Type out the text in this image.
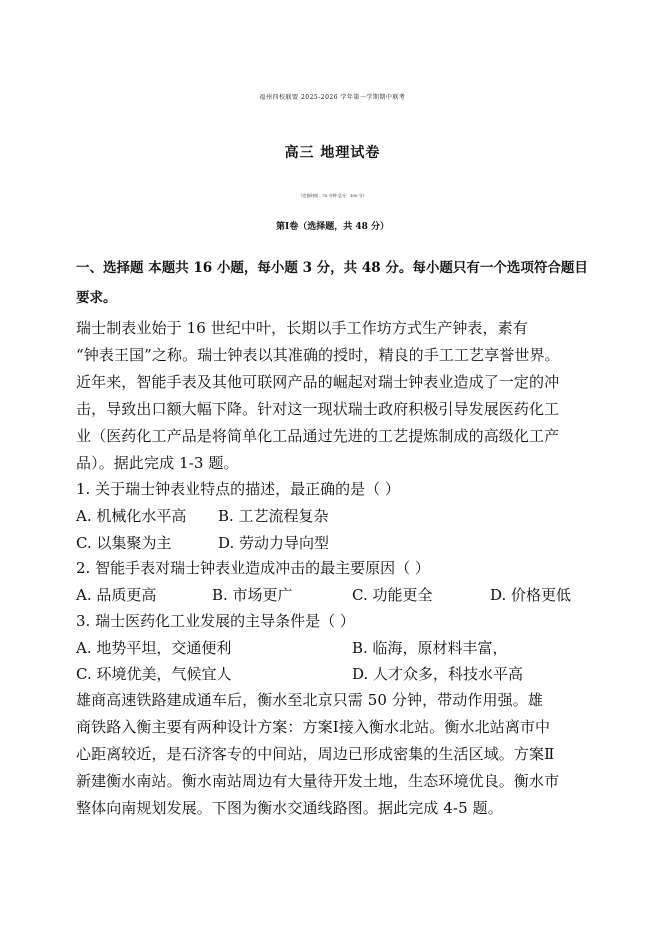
福州四校联盟 2025-2026 学年第一学期期中联考
高三 地理试卷
（完卷时间：75 分钟 总分：100 分）
第Ⅰ卷（选择题，共 48 分）
一、选择题 本题共 16 小题，每小题 3 分，共 48 分。每小题只有一个选项符合题目
要求。
瑞士制表业始于 16 世纪中叶，长期以手工作坊方式生产钟表，素有
“钟表王国”之称。瑞士钟表以其准确的授时，精良的手工工艺享誉世界。
近年来，智能手表及其他可联网产品的崛起对瑞士钟表业造成了一定的冲
击，导致出口额大幅下降。针对这一现状瑞士政府积极引导发展医药化工
业（医药化工产品是将简单化工品通过先进的工艺提炼制成的高级化工产
品）。据此完成 1-3 题。
1. 关于瑞士钟表业特点的描述，最正确的是（ ）
A. 机械化水平高 B. 工艺流程复杂
C. 以集聚为主	D. 劳动力导向型
2. 智能手表对瑞士钟表业造成冲击的最主要原因（ ）
A. 品质更高	B. 市场更广	C. 功能更全	D. 价格更低
3. 瑞士医药化工业发展的主导条件是（ ）
A. 地势平坦，交通便利	B. 临海，原材料丰富，
C. 环境优美，气候宜人	D. 人才众多，科技水平高
雄商高速铁路建成通车后，衡水至北京只需 50 分钟，带动作用强。雄
商铁路入衡主要有两种设计方案：方案Ⅰ接入衡水北站。衡水北站离市中
心距离较近，是石济客专的中间站，周边已形成密集的生活区域。方案Ⅱ
新建衡水南站。衡水南站周边有大量待开发土地，生态环境优良。衡水市
整体向南规划发展。下图为衡水交通线路图。据此完成 4-5 题。
